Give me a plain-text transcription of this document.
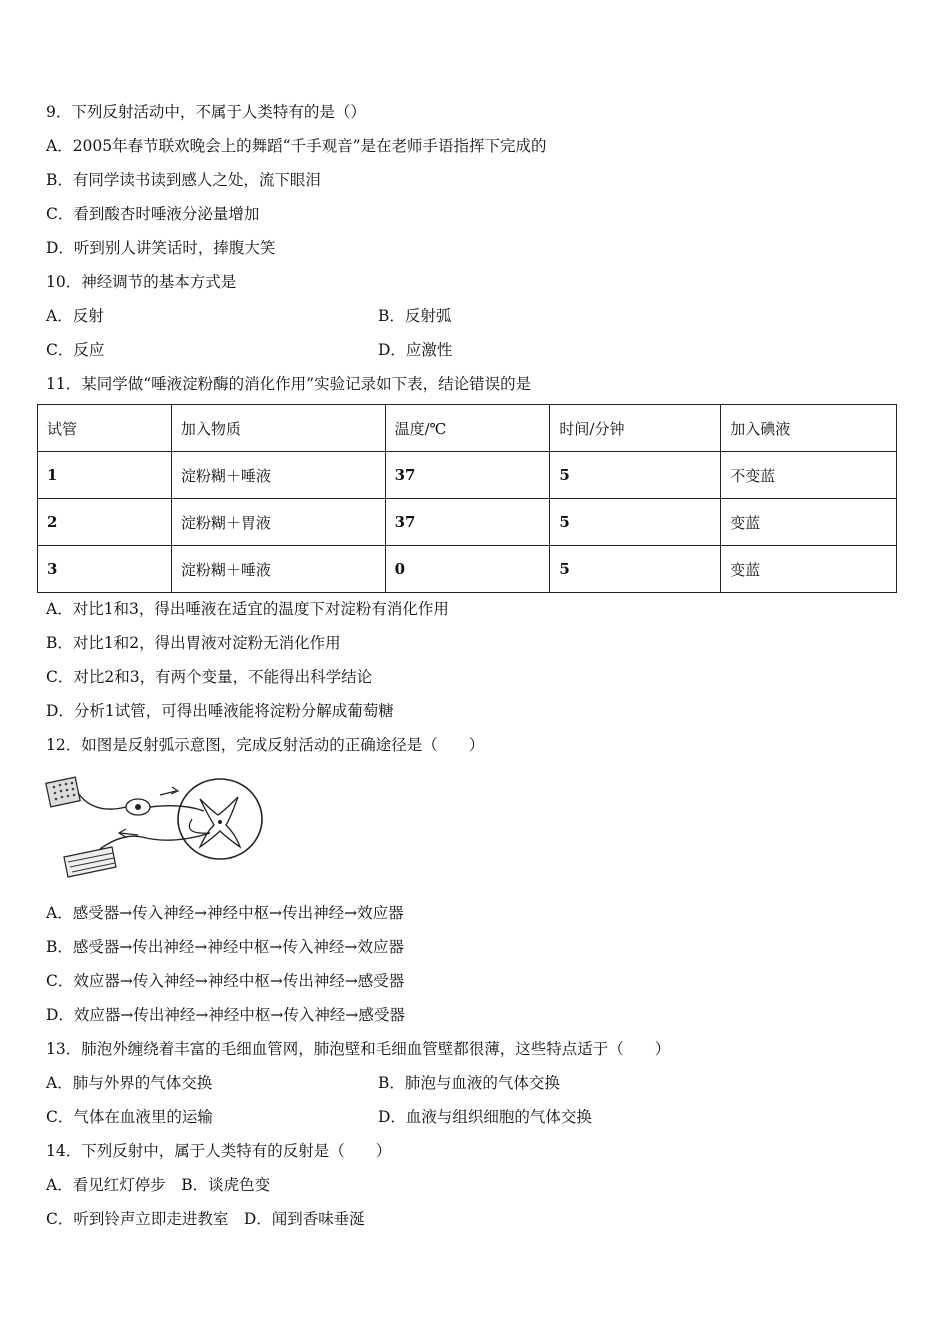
9．下列反射活动中，不属于人类特有的是（）
A．2005年春节联欢晚会上的舞蹈“千手观音”是在老师手语指挥下完成的
B．有同学读书读到感人之处，流下眼泪
C．看到酸杏时唾液分泌量增加
D．听到别人讲笑话时，捧腹大笑
10．神经调节的基本方式是
A．反射	B．反射弧
C．反应	D．应激性
11．某同学做“唾液淀粉酶的消化作用”实验记录如下表，结论错误的是
试管	加入物质	温度/℃	时间/分钟	加入碘液
1	淀粉糊＋唾液	37	5	不变蓝
2	淀粉糊＋胃液	37	5	变蓝
3	淀粉糊＋唾液	0	5	变蓝
A．对比1和3，得出唾液在适宜的温度下对淀粉有消化作用
B．对比1和2，得出胃液对淀粉无消化作用
C．对比2和3，有两个变量，不能得出科学结论
D．分析1试管，可得出唾液能将淀粉分解成葡萄糖
12．如图是反射弧示意图，完成反射活动的正确途径是（　　）
A．感受器→传入神经→神经中枢→传出神经→效应器
B．感受器→传出神经→神经中枢→传入神经→效应器
C．效应器→传入神经→神经中枢→传出神经→感受器
D．效应器→传出神经→神经中枢→传入神经→感受器
13．肺泡外缠绕着丰富的毛细血管网，肺泡壁和毛细血管壁都很薄，这些特点适于（　　）
A．肺与外界的气体交换	B．肺泡与血液的气体交换
C．气体在血液里的运输	D．血液与组织细胞的气体交换
14．下列反射中，属于人类特有的反射是（　　）
A．看见红灯停步　B．谈虎色变
C．听到铃声立即走进教室　D．闻到香味垂涎
